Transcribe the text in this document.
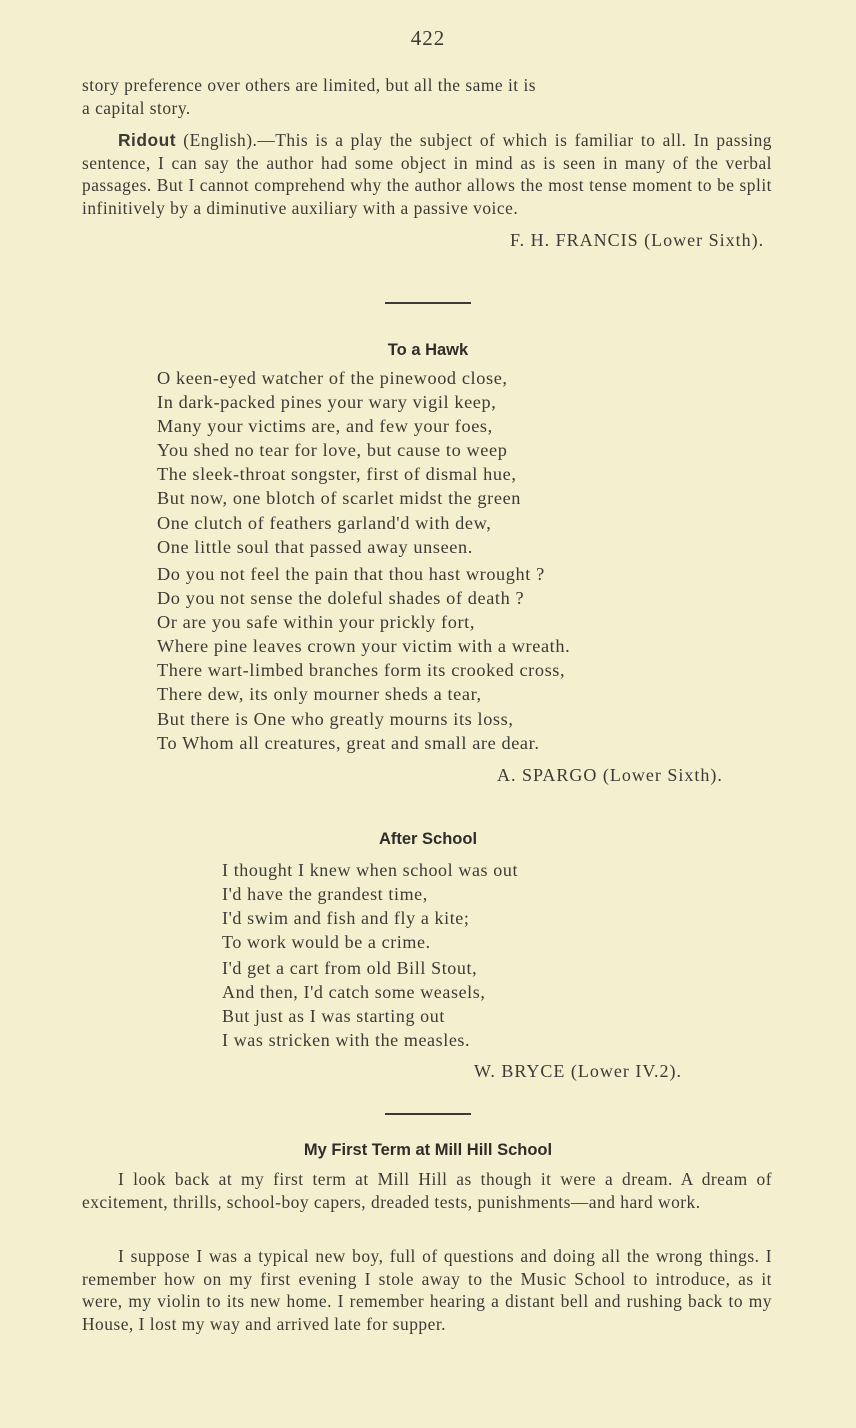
422
story preference over others are limited, but all the same it is
a capital story.

Ridout (English).—This is a play the subject of which is familiar to all. In passing sentence, I can say the author had some object in mind as is seen in many of the verbal passages. But I cannot comprehend why the author allows the most tense moment to be split infinitively by a diminutive auxiliary with a passive voice.

F. H. FRANCIS (Lower Sixth).
To a Hawk
O keen-eyed watcher of the pinewood close,
In dark-packed pines your wary vigil keep,
Many your victims are, and few your foes,
You shed no tear for love, but cause to weep
The sleek-throat songster, first of dismal hue,
But now, one blotch of scarlet midst the green
One clutch of feathers garland'd with dew,
One little soul that passed away unseen.
Do you not feel the pain that thou hast wrought ?
Do you not sense the doleful shades of death ?
Or are you safe within your prickly fort,
Where pine leaves crown your victim with a wreath.
There wart-limbed branches form its crooked cross,
There dew, its only mourner sheds a tear,
But there is One who greatly mourns its loss,
To Whom all creatures, great and small are dear.
A. SPARGO (Lower Sixth).
After School
I thought I knew when school was out
I'd have the grandest time,
I'd swim and fish and fly a kite;
To work would be a crime.
I'd get a cart from old Bill Stout,
And then, I'd catch some weasels,
But just as I was starting out
I was stricken with the measles.
W. BRYCE (Lower IV.2).
My First Term at Mill Hill School

I look back at my first term at Mill Hill as though it were a dream. A dream of excitement, thrills, school-boy capers, dreaded tests, punishments—and hard work.

I suppose I was a typical new boy, full of questions and doing all the wrong things. I remember how on my first evening I stole away to the Music School to introduce, as it were, my violin to its new home. I remember hearing a distant bell and rushing back to my House, I lost my way and arrived late for supper.
